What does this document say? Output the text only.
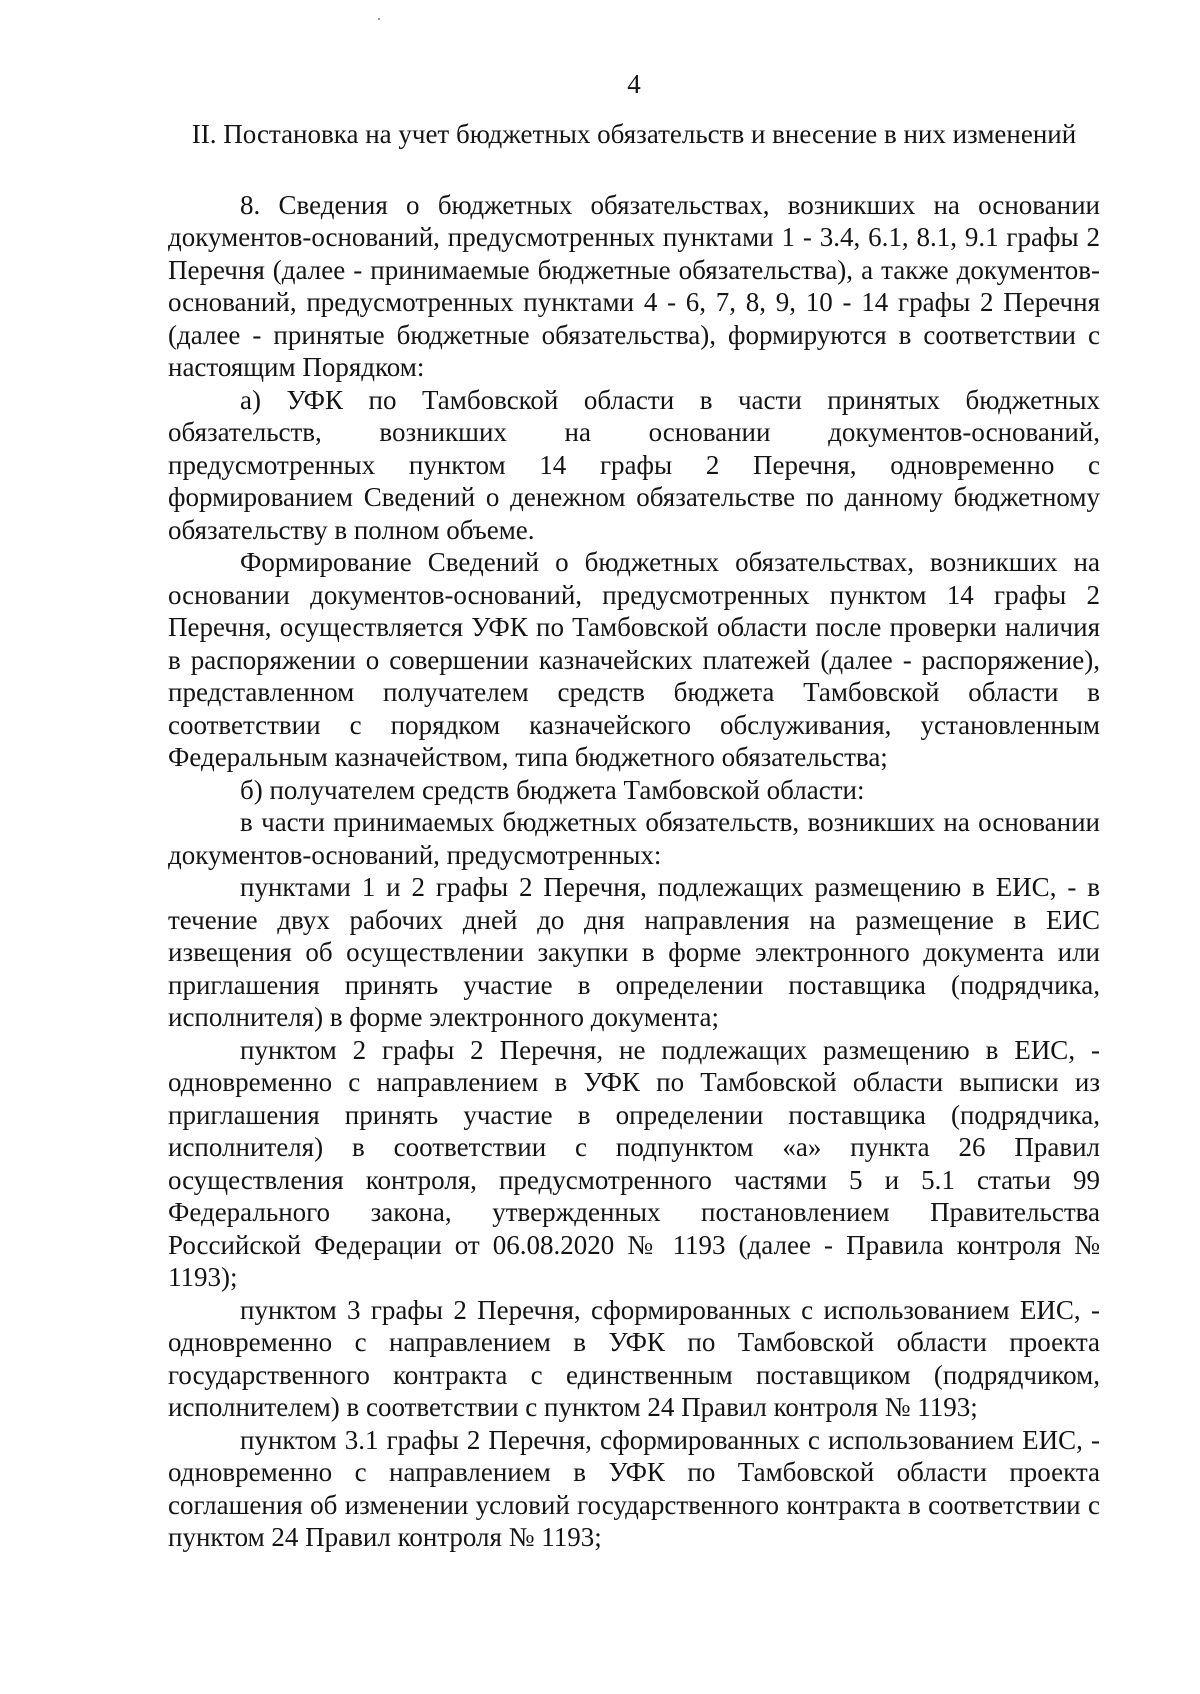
4
II. Постановка на учет бюджетных обязательств и внесение в них изменений

8. Сведения о бюджетных обязательствах, возникших на основании документов-оснований, предусмотренных пунктами 1 - 3.4, 6.1, 8.1, 9.1 графы 2 Перечня (далее - принимаемые бюджетные обязательства), а также документов-оснований, предусмотренных пунктами 4 - 6, 7, 8, 9, 10 - 14 графы 2 Перечня (далее - принятые бюджетные обязательства), формируются в соответствии с настоящим Порядком:

а) УФК по Тамбовской области в части принятых бюджетных обязательств, возникших на основании документов-оснований, предусмотренных пунктом 14 графы 2 Перечня, одновременно с формированием Сведений о денежном обязательстве по данному бюджетному обязательству в полном объеме.

Формирование Сведений о бюджетных обязательствах, возникших на основании документов-оснований, предусмотренных пунктом 14 графы 2 Перечня, осуществляется УФК по Тамбовской области после проверки наличия в распоряжении о совершении казначейских платежей (далее - распоряжение), представленном получателем средств бюджета Тамбовской области в соответствии с порядком казначейского обслуживания, установленным Федеральным казначейством, типа бюджетного обязательства;

б) получателем средств бюджета Тамбовской области:

в части принимаемых бюджетных обязательств, возникших на основании документов-оснований, предусмотренных:

пунктами 1 и 2 графы 2 Перечня, подлежащих размещению в ЕИС, - в течение двух рабочих дней до дня направления на размещение в ЕИС извещения об осуществлении закупки в форме электронного документа или приглашения принять участие в определении поставщика (подрядчика, исполнителя) в форме электронного документа;

пунктом 2 графы 2 Перечня, не подлежащих размещению в ЕИС, - одновременно с направлением в УФК по Тамбовской области выписки из приглашения принять участие в определении поставщика (подрядчика, исполнителя) в соответствии с подпунктом «а» пункта 26 Правил осуществления контроля, предусмотренного частями 5 и 5.1 статьи 99 Федерального закона, утвержденных постановлением Правительства Российской Федерации от 06.08.2020 № 1193 (далее - Правила контроля № 1193);

пунктом 3 графы 2 Перечня, сформированных с использованием ЕИС, - одновременно с направлением в УФК по Тамбовской области проекта государственного контракта с единственным поставщиком (подрядчиком, исполнителем) в соответствии с пунктом 24 Правил контроля № 1193;

пунктом 3.1 графы 2 Перечня, сформированных с использованием ЕИС, - одновременно с направлением в УФК по Тамбовской области проекта соглашения об изменении условий государственного контракта в соответствии с пунктом 24 Правил контроля № 1193;
